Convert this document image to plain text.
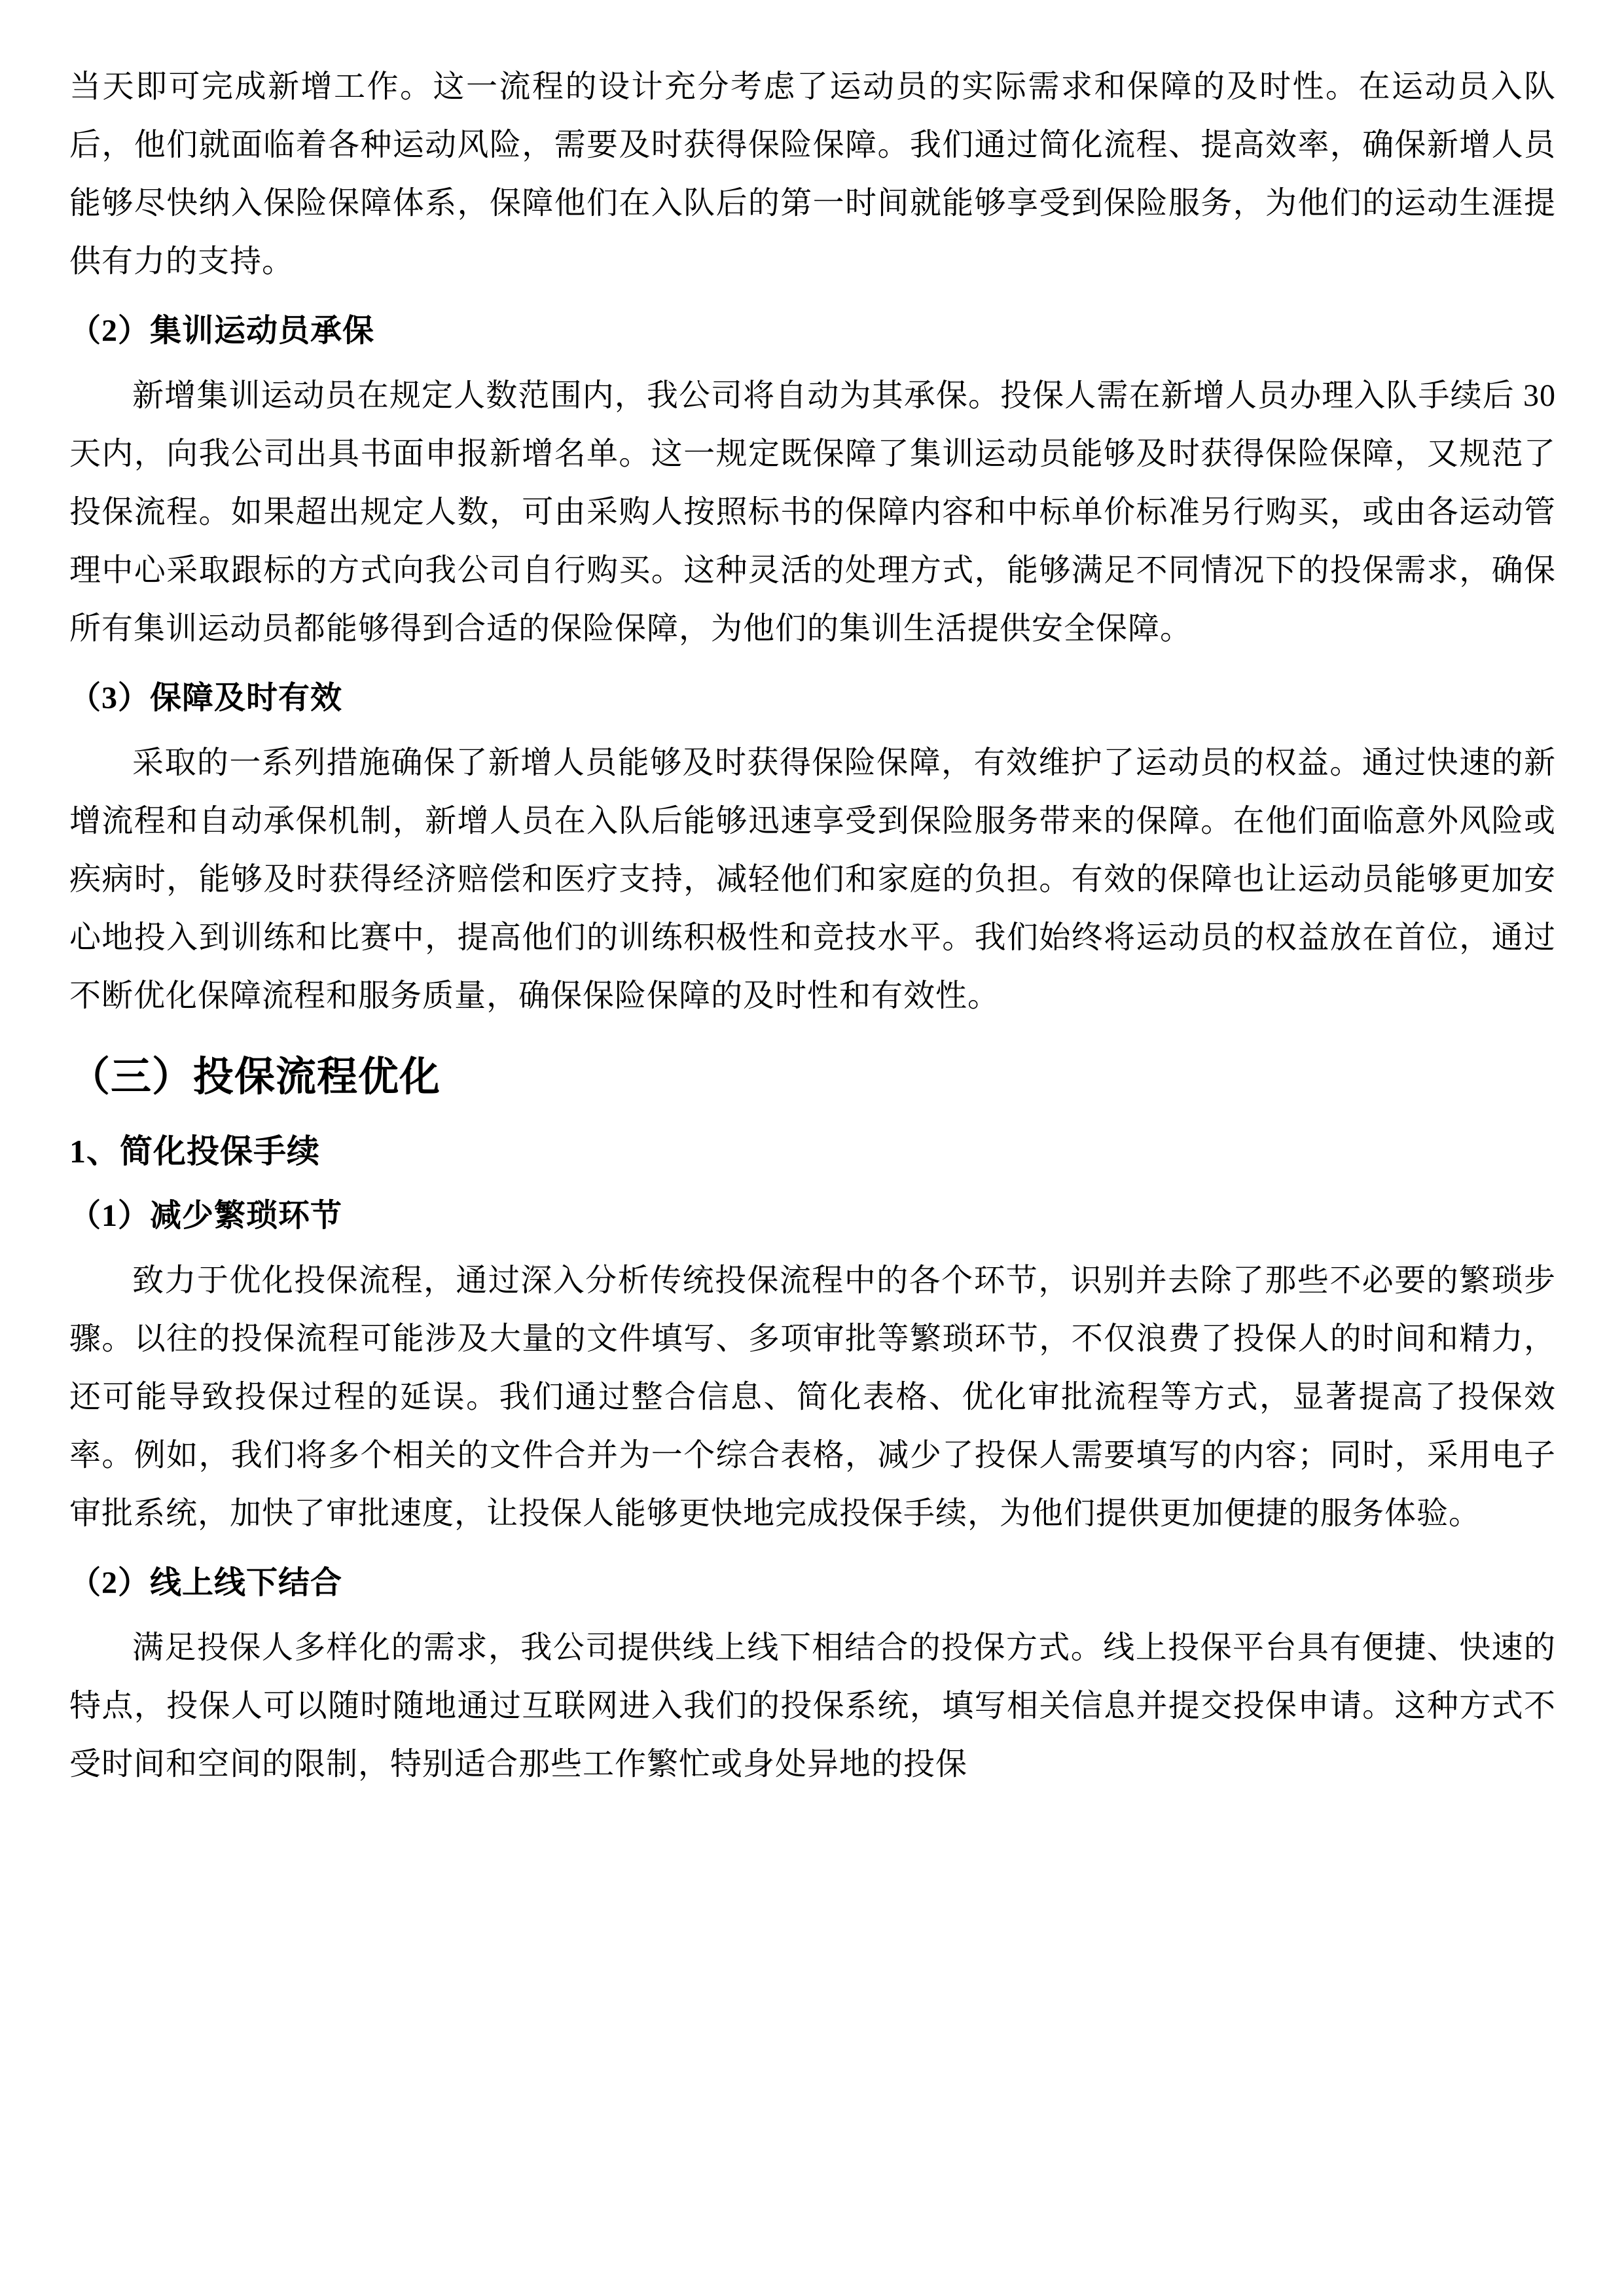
当天即可完成新增工作。这一流程的设计充分考虑了运动员的实际需求和保障的及时性。在运动员入队后，他们就面临着各种运动风险，需要及时获得保险保障。我们通过简化流程、提高效率，确保新增人员能够尽快纳入保险保障体系，保障他们在入队后的第一时间就能够享受到保险服务，为他们的运动生涯提供有力的支持。

（2）集训运动员承保

新增集训运动员在规定人数范围内，我公司将自动为其承保。投保人需在新增人员办理入队手续后 30 天内，向我公司出具书面申报新增名单。这一规定既保障了集训运动员能够及时获得保险保障，又规范了投保流程。如果超出规定人数，可由采购人按照标书的保障内容和中标单价标准另行购买，或由各运动管理中心采取跟标的方式向我公司自行购买。这种灵活的处理方式，能够满足不同情况下的投保需求，确保所有集训运动员都能够得到合适的保险保障，为他们的集训生活提供安全保障。

（3）保障及时有效

采取的一系列措施确保了新增人员能够及时获得保险保障，有效维护了运动员的权益。通过快速的新增流程和自动承保机制，新增人员在入队后能够迅速享受到保险服务带来的保障。在他们面临意外风险或疾病时，能够及时获得经济赔偿和医疗支持，减轻他们和家庭的负担。有效的保障也让运动员能够更加安心地投入到训练和比赛中，提高他们的训练积极性和竞技水平。我们始终将运动员的权益放在首位，通过不断优化保障流程和服务质量，确保保险保障的及时性和有效性。

（三）投保流程优化
1、简化投保手续
（1）减少繁琐环节

致力于优化投保流程，通过深入分析传统投保流程中的各个环节，识别并去除了那些不必要的繁琐步骤。以往的投保流程可能涉及大量的文件填写、多项审批等繁琐环节，不仅浪费了投保人的时间和精力，还可能导致投保过程的延误。我们通过整合信息、简化表格、优化审批流程等方式，显著提高了投保效率。例如，我们将多个相关的文件合并为一个综合表格，减少了投保人需要填写的内容；同时，采用电子审批系统，加快了审批速度，让投保人能够更快地完成投保手续，为他们提供更加便捷的服务体验。

（2）线上线下结合

满足投保人多样化的需求，我公司提供线上线下相结合的投保方式。线上投保平台具有便捷、快速的特点，投保人可以随时随地通过互联网进入我们的投保系统，填写相关信息并提交投保申请。这种方式不受时间和空间的限制，特别适合那些工作繁忙或身处异地的投保
